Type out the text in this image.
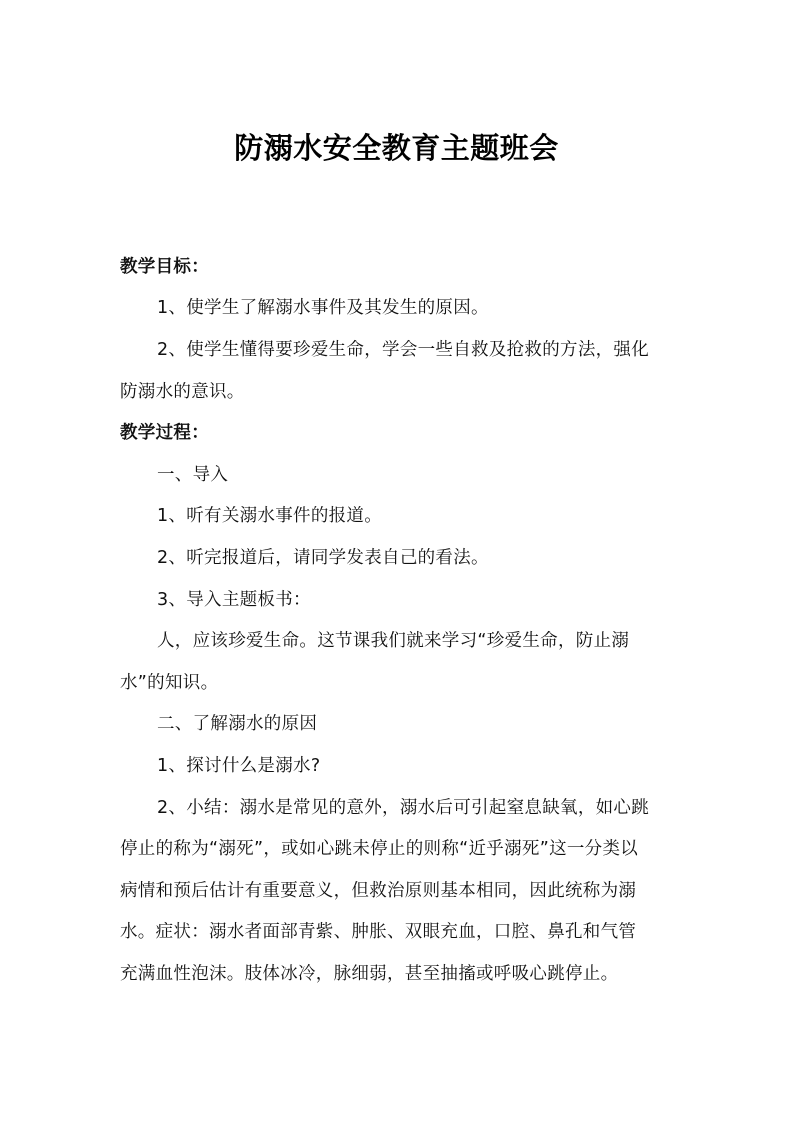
防溺水安全教育主题班会
教学目标：
1、使学生了解溺水事件及其发生的原因。
2、使学生懂得要珍爱生命，学会一些自救及抢救的方法，强化
防溺水的意识。
教学过程：
一、导入
1、听有关溺水事件的报道。
2、听完报道后，请同学发表自己的看法。
3、导入主题板书：
人，应该珍爱生命。这节课我们就来学习“珍爱生命，防止溺
水”的知识。
二、了解溺水的原因
1、探讨什么是溺水?
2、小结：溺水是常见的意外，溺水后可引起窒息缺氧，如心跳
停止的称为“溺死”，或如心跳未停止的则称“近乎溺死”这一分类以
病情和预后估计有重要意义，但救治原则基本相同，因此统称为溺
水。症状：溺水者面部青紫、肿胀、双眼充血，口腔、鼻孔和气管
充满血性泡沫。肢体冰冷，脉细弱，甚至抽搐或呼吸心跳停止。
